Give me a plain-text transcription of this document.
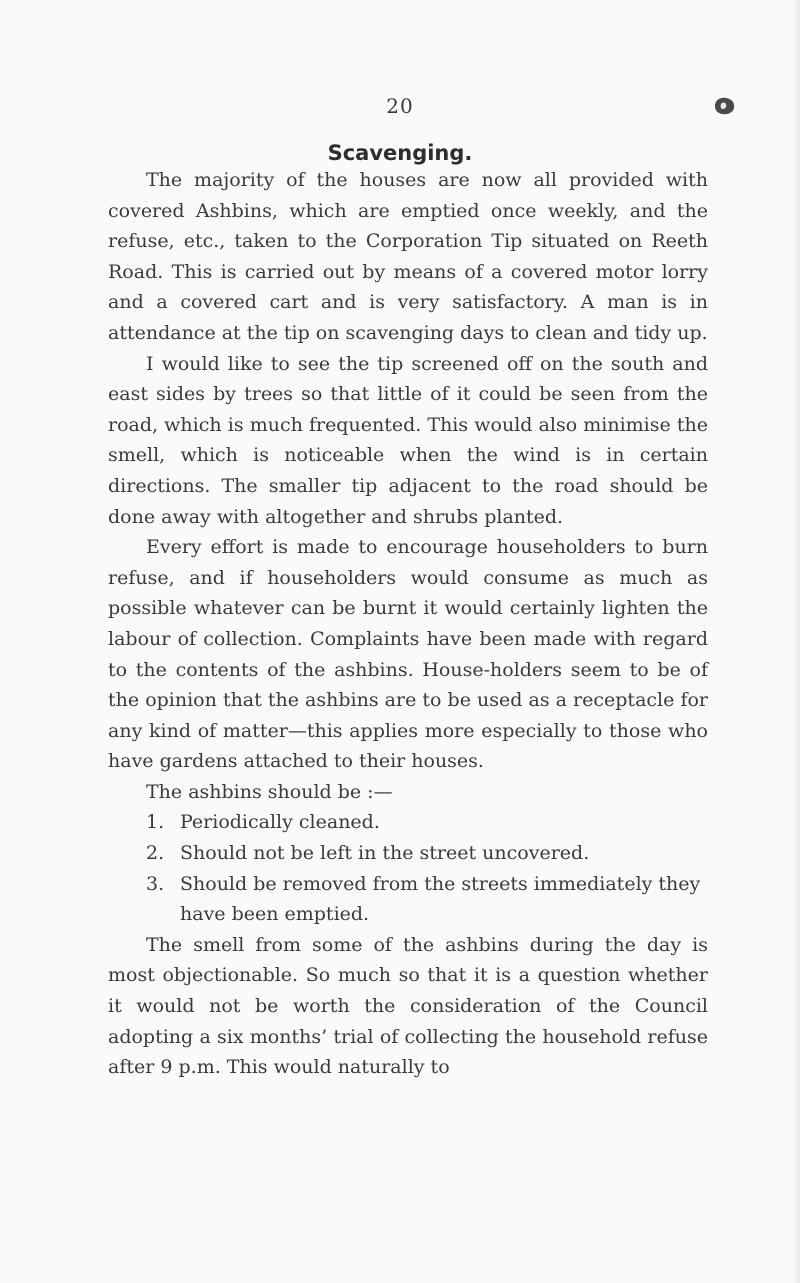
20
Scavenging.

The majority of the houses are now all provided with covered Ashbins, which are emptied once weekly, and the refuse, etc., taken to the Corporation Tip situated on Reeth Road. This is carried out by means of a covered motor lorry and a covered cart and is very satisfactory. A man is in attendance at the tip on scavenging days to clean and tidy up.

I would like to see the tip screened off on the south and east sides by trees so that little of it could be seen from the road, which is much frequented. This would also minimise the smell, which is noticeable when the wind is in certain directions. The smaller tip adjacent to the road should be done away with altogether and shrubs planted.

Every effort is made to encourage householders to burn refuse, and if householders would consume as much as possible whatever can be burnt it would certainly lighten the labour of collection. Complaints have been made with regard to the contents of the ashbins. House-holders seem to be of the opinion that the ashbins are to be used as a receptacle for any kind of matter—this applies more especially to those who have gardens attached to their houses.

The ashbins should be :—

1. Periodically cleaned.
2. Should not be left in the street uncovered.
3. Should be removed from the streets immediately they have been emptied.

The smell from some of the ashbins during the day is most objectionable. So much so that it is a question whether it would not be worth the consideration of the Council adopting a six months’ trial of collecting the household refuse after 9 p.m. This would naturally to
